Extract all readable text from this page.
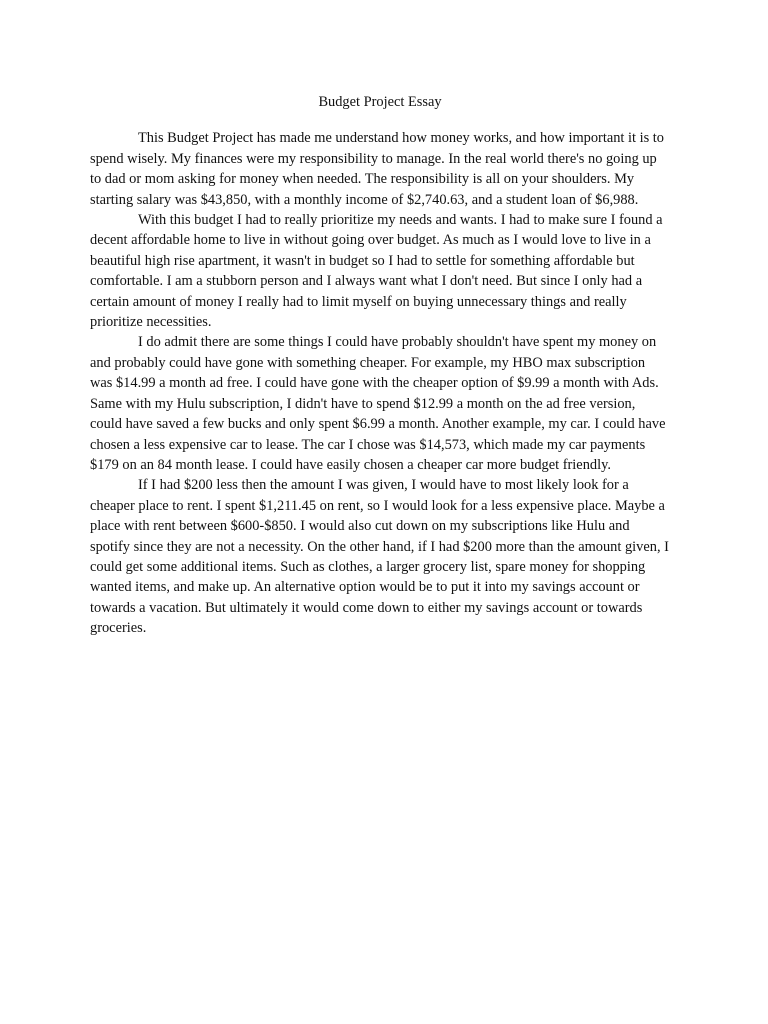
Budget Project Essay

This Budget Project has made me understand how money works, and how important it is to spend wisely. My finances were my responsibility to manage. In the real world there's no going up to dad or mom asking for money when needed. The responsibility is all on your shoulders. My starting salary was $43,850, with a monthly income of $2,740.63, and a student loan of $6,988.

With this budget I had to really prioritize my needs and wants. I had to make sure I found a decent affordable home to live in without going over budget. As much as I would love to live in a beautiful high rise apartment, it wasn't in budget so I had to settle for something affordable but comfortable. I am a stubborn person and I always want what I don't need. But since I only had a certain amount of money I really had to limit myself on buying unnecessary things and really prioritize necessities.

I do admit there are some things I could have probably shouldn't have spent my money on and probably could have gone with something cheaper. For example, my HBO max subscription was $14.99 a month ad free. I could have gone with the cheaper option of $9.99 a month with Ads. Same with my Hulu subscription, I didn't have to spend $12.99 a month on the ad free version, could have saved a few bucks and only spent $6.99 a month. Another example, my car. I could have chosen a less expensive car to lease. The car I chose was $14,573, which made my car payments $179 on an 84 month lease. I could have easily chosen a cheaper car more budget friendly.

If I had $200 less then the amount I was given, I would have to most likely look for a cheaper place to rent. I spent $1,211.45 on rent, so I would look for a less expensive place. Maybe a place with rent between $600-$850. I would also cut down on my subscriptions like Hulu and spotify since they are not a necessity. On the other hand, if I had $200 more than the amount given, I could get some additional items. Such as clothes, a larger grocery list, spare money for shopping wanted items, and make up. An alternative option would be to put it into my savings account or towards a vacation. But ultimately it would come down to either my savings account or towards groceries.
